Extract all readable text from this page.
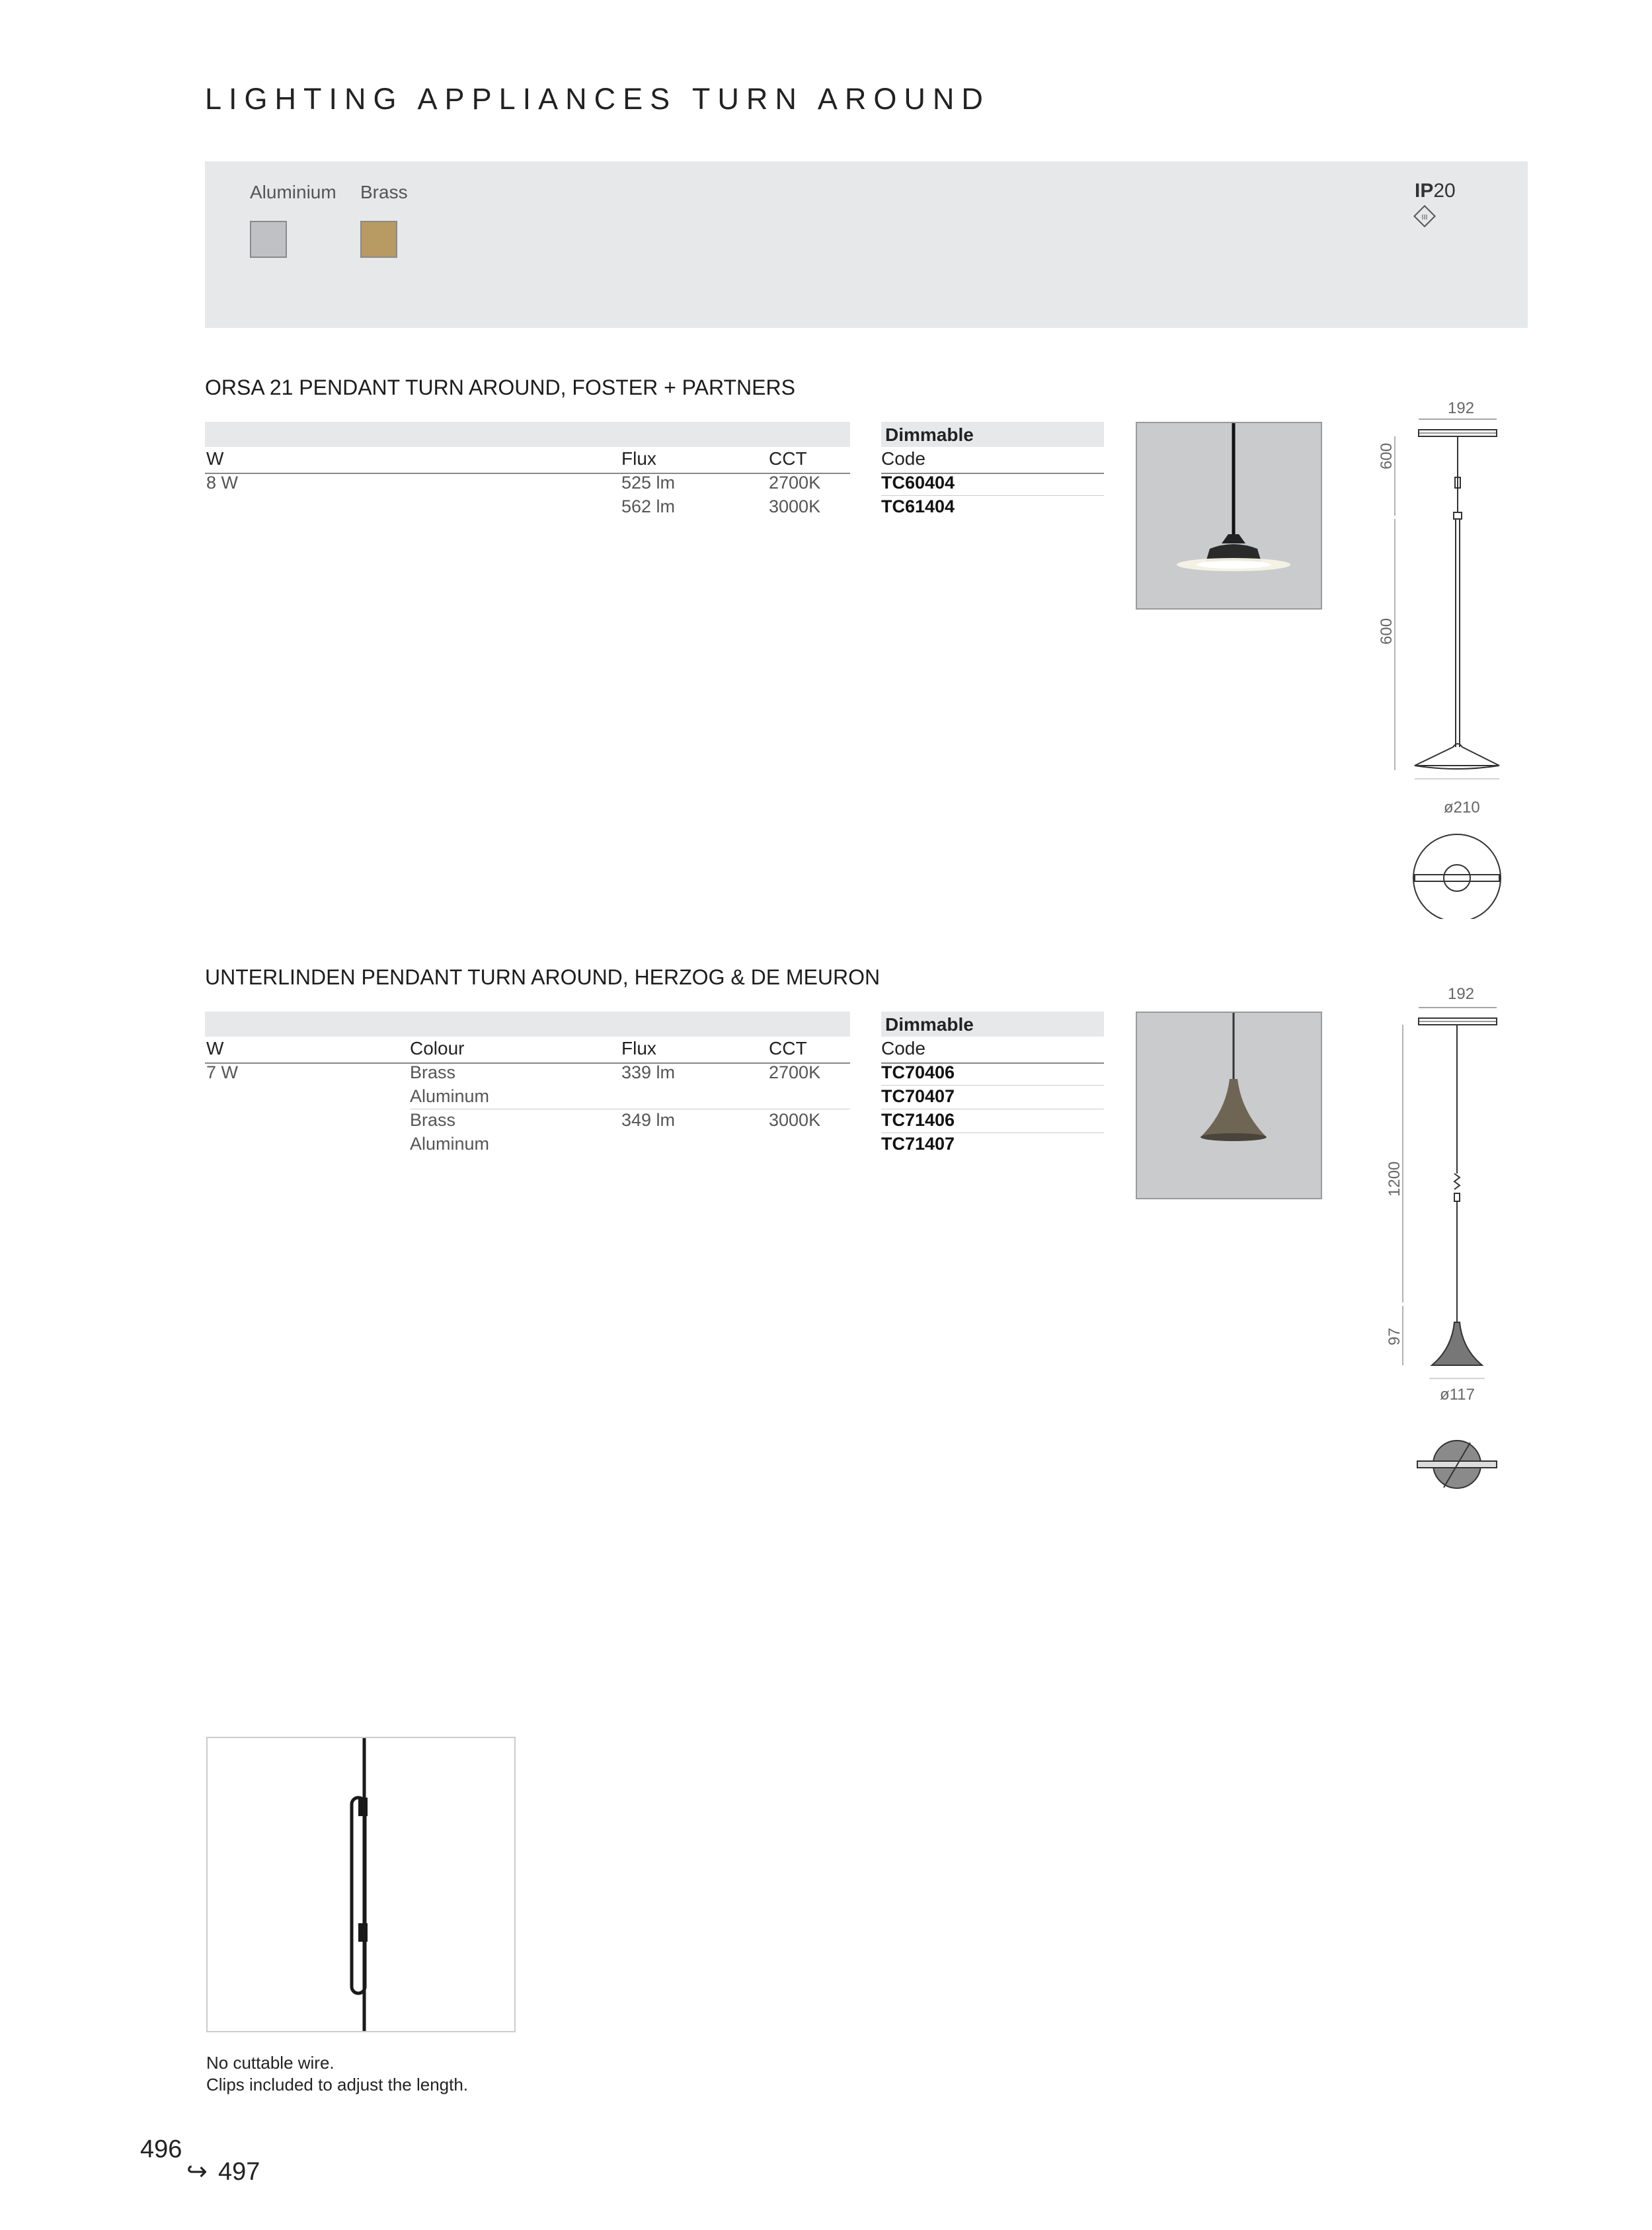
LIGHTING APPLIANCES TURN AROUND
Aluminium Brass	IP20
III
ORSA 21 PENDANT TURN AROUND, FOSTER + PARTNERS
Dimmable
W	Flux	CCT	Code
8 W	525 lm	2700K	TC60404
562 lm	3000K	TC61404
192
600
600
ø210
UNTERLINDEN PENDANT TURN AROUND, HERZOG & DE MEURON
Dimmable
W	Colour	Flux	CCT	Code
7 W	Brass	339 lm	2700K	TC70406
Aluminum	TC70407
Brass	349 lm	3000K	TC71406
Aluminum	TC71407
192
1200
97
ø117
No cuttable wire.
Clips included to adjust the length.
496
↪ 497
